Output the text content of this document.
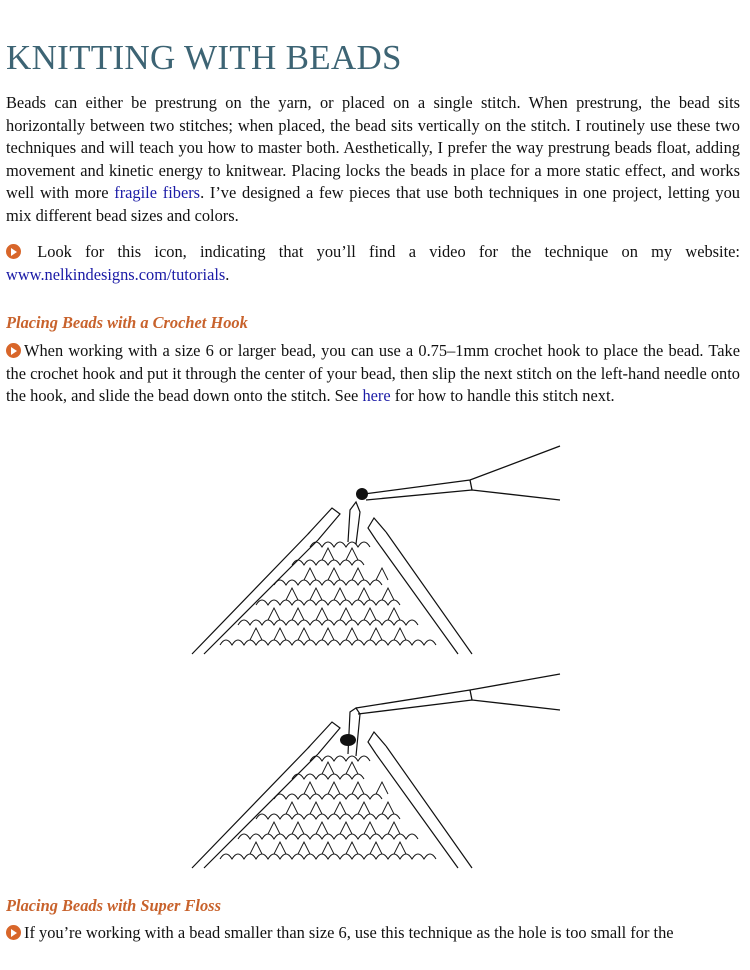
KNITTING WITH BEADS

Beads can either be prestrung on the yarn, or placed on a single stitch. When prestrung, the bead sits horizontally between two stitches; when placed, the bead sits vertically on the stitch. I routinely use these two techniques and will teach you how to master both. Aesthetically, I prefer the way prestrung beads float, adding movement and kinetic energy to knitwear. Placing locks the beads in place for a more static effect, and works well with more fragile fibers. I’ve designed a few pieces that use both techniques in one project, letting you mix different bead sizes and colors.

Look for this icon, indicating that you’ll find a video for the technique on my website: www.nelkindesigns.com/tutorials.

Placing Beads with a Crochet Hook

When working with a size 6 or larger bead, you can use a 0.75–1mm crochet hook to place the bead. Take the crochet hook and put it through the center of your bead, then slip the next stitch on the left-hand needle onto the hook, and slide the bead down onto the stitch. See here for how to handle this stitch next.

Placing Beads with Super Floss

If you’re working with a bead smaller than size 6, use this technique as the hole is too small for the
